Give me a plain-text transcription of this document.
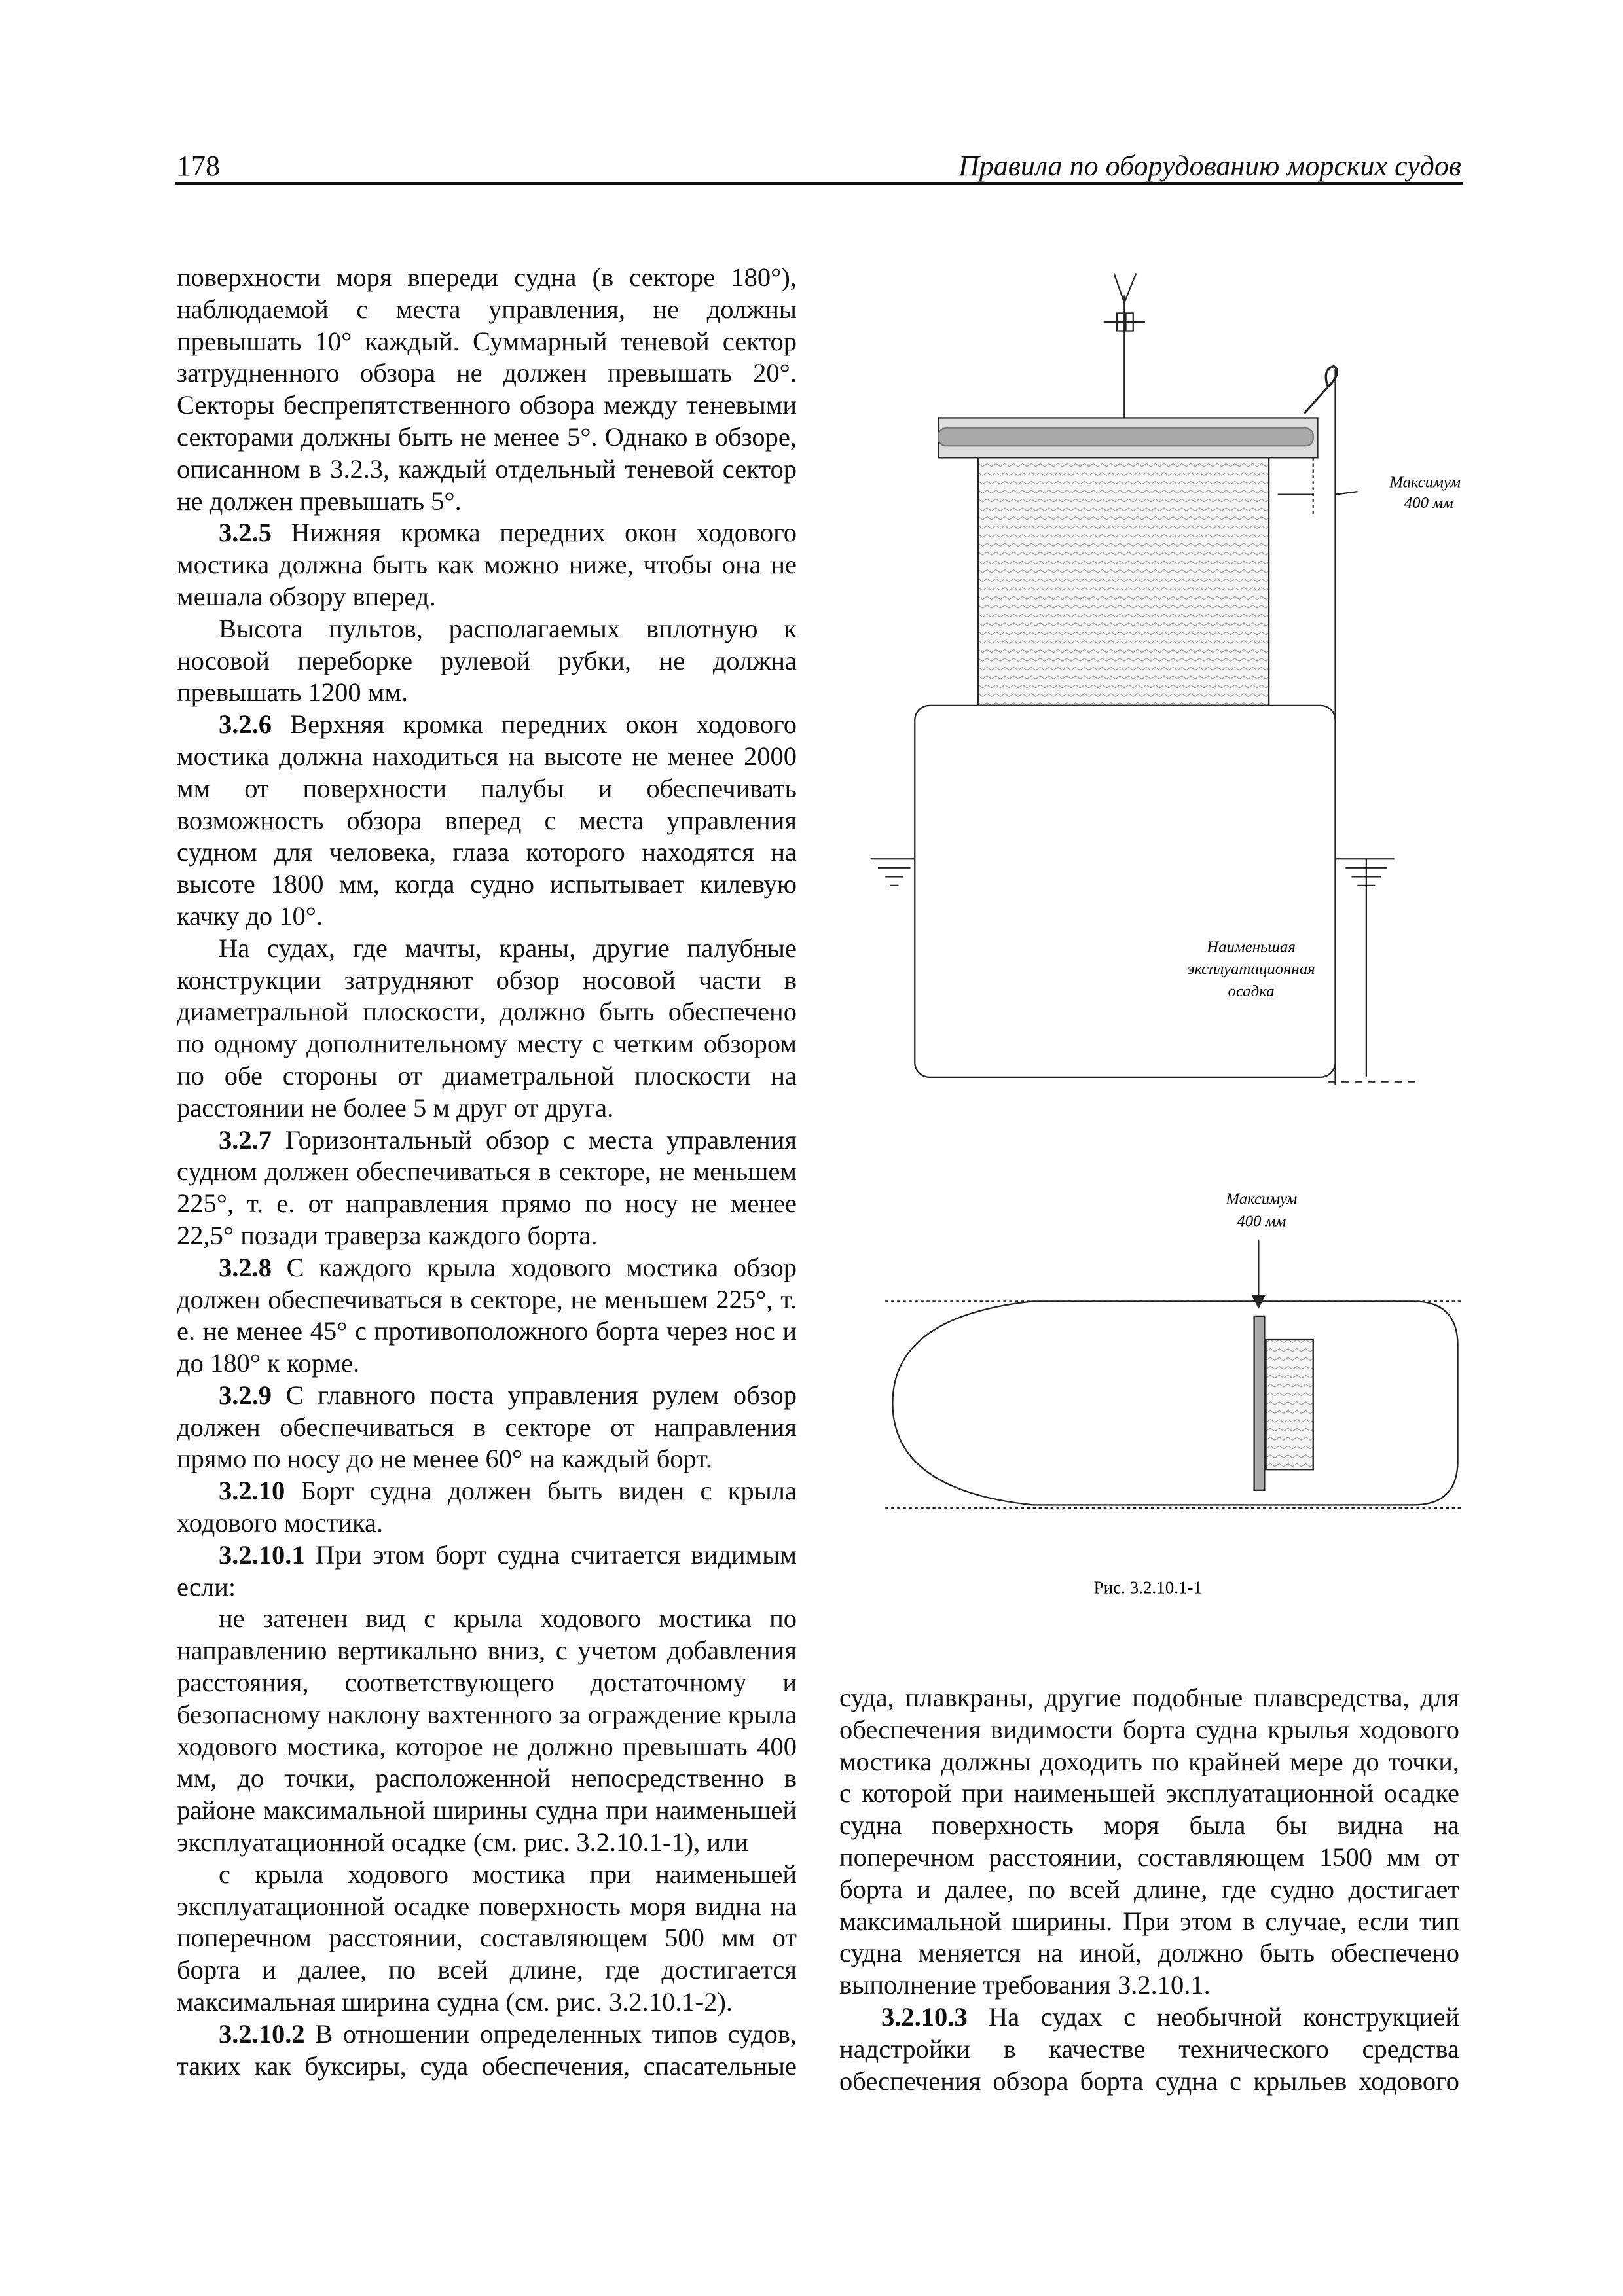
178	Правила по оборудованию морских судов

поверхности моря впереди судна (в секторе 180°), наблюдаемой с места управления, не должны превышать 10° каждый. Суммарный теневой сектор затрудненного обзора не должен превышать 20°. Секторы беспрепятственного обзора между теневыми секторами должны быть не менее 5°. Однако в обзоре, описанном в 3.2.3, каждый отдельный теневой сектор не должен превышать 5°.

3.2.5 Нижняя кромка передних окон ходового мостика должна быть как можно ниже, чтобы она не мешала обзору вперед.

Высота пультов, располагаемых вплотную к носовой переборке рулевой рубки, не должна превышать 1200 мм.

3.2.6 Верхняя кромка передних окон ходового мостика должна находиться на высоте не менее 2000 мм от поверхности палубы и обеспечивать возможность обзора вперед с места управления судном для человека, глаза которого находятся на высоте 1800 мм, когда судно испытывает килевую качку до 10°.

На судах, где мачты, краны, другие палубные конструкции затрудняют обзор носовой части в диаметральной плоскости, должно быть обеспечено по одному дополнительному месту с четким обзором по обе стороны от диаметральной плоскости на расстоянии не более 5 м друг от друга.

3.2.7 Горизонтальный обзор с места управления судном должен обеспечиваться в секторе, не меньшем 225°, т. е. от направления прямо по носу не менее 22,5° позади траверза каждого борта.

3.2.8 С каждого крыла ходового мостика обзор должен обеспечиваться в секторе, не меньшем 225°, т. е. не менее 45° с противоположного борта через нос и до 180° к корме.

3.2.9 С главного поста управления рулем обзор должен обеспечиваться в секторе от направления прямо по носу до не менее 60° на каждый борт.

3.2.10 Борт судна должен быть виден с крыла ходового мостика.

3.2.10.1 При этом борт судна считается видимым если:

не затенен вид с крыла ходового мостика по направлению вертикально вниз, с учетом добавления расстояния, соответствующего достаточному и безопасному наклону вахтенного за ограждение крыла ходового мостика, которое не должно превышать 400 мм, до точки, расположенной непосредственно в районе максимальной ширины судна при наименьшей эксплуатационной осадке (см. рис. 3.2.10.1-1), или

с крыла ходового мостика при наименьшей эксплуатационной осадке поверхность моря видна на поперечном расстоянии, составляющем 500 мм от борта и далее, по всей длине, где достигается максимальная ширина судна (см. рис. 3.2.10.1-2).

3.2.10.2 В отношении определенных типов судов, таких как буксиры, суда обеспечения, спасательные

суда, плавкраны, другие подобные плавсредства, для обеспечения видимости борта судна крылья ходового мостика должны доходить по крайней мере до точки, с которой при наименьшей эксплуатационной осадке судна поверхность моря была бы видна на поперечном расстоянии, составляющем 1500 мм от борта и далее, по всей длине, где судно достигает максимальной ширины. При этом в случае, если тип судна меняется на иной, должно быть обеспечено выполнение требования 3.2.10.1.

3.2.10.3 На судах с необычной конструкцией надстройки в качестве технического средства обеспечения обзора борта судна с крыльев ходового

Максимум
400 мм
Наименьшая
эксплуатационная
осадка
Максимум
400 мм
Рис. 3.2.10.1-1
